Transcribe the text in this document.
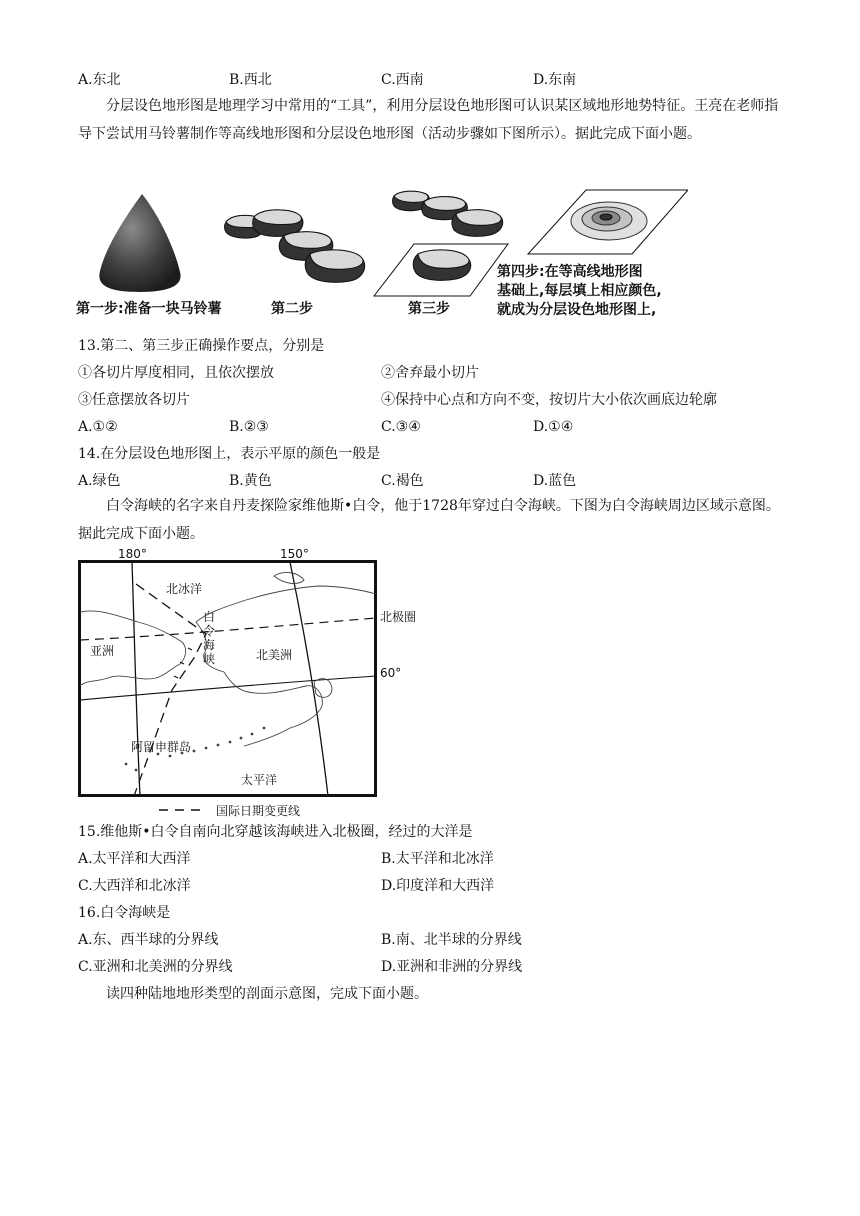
A.东北	B.西北	C.西南	D.东南
分层设色地形图是地理学习中常用的“工具”，利用分层设色地形图可认识某区域地形地势特征。王亮在老师指导下尝试用马铃薯制作等高线地形图和分层设色地形图（活动步骤如下图所示）。据此完成下面小题。
第一步:准备一块马铃薯	第二步	第三步
第四步:在等高线地形图
基础上,每层填上相应颜色,
就成为分层设色地形图上,
13.第二、第三步正确操作要点，分别是
①各切片厚度相同，且依次摆放	②舍弃最小切片
③任意摆放各切片	④保持中心点和方向不变，按切片大小依次画底边轮廓
A.①②	B.②③	C.③④	D.①④
14.在分层设色地形图上，表示平原的颜色一般是
A.绿色	B.黄色	C.褐色	D.蓝色
白令海峡的名字来自丹麦探险家维他斯•白令，他于1728年穿过白令海峡。下图为白令海峡周边区域示意图。据此完成下面小题。
180°	150°
北冰洋
白令海峡
北极圈
亚洲	北美洲
60°
阿留申群岛
太平洋
国际日期变更线
15.维他斯•白令自南向北穿越该海峡进入北极圈，经过的大洋是
A.太平洋和大西洋	B.太平洋和北冰洋
C.大西洋和北冰洋	D.印度洋和大西洋
16.白令海峡是
A.东、西半球的分界线	B.南、北半球的分界线
C.亚洲和北美洲的分界线	D.亚洲和非洲的分界线
读四种陆地地形类型的剖面示意图，完成下面小题。
